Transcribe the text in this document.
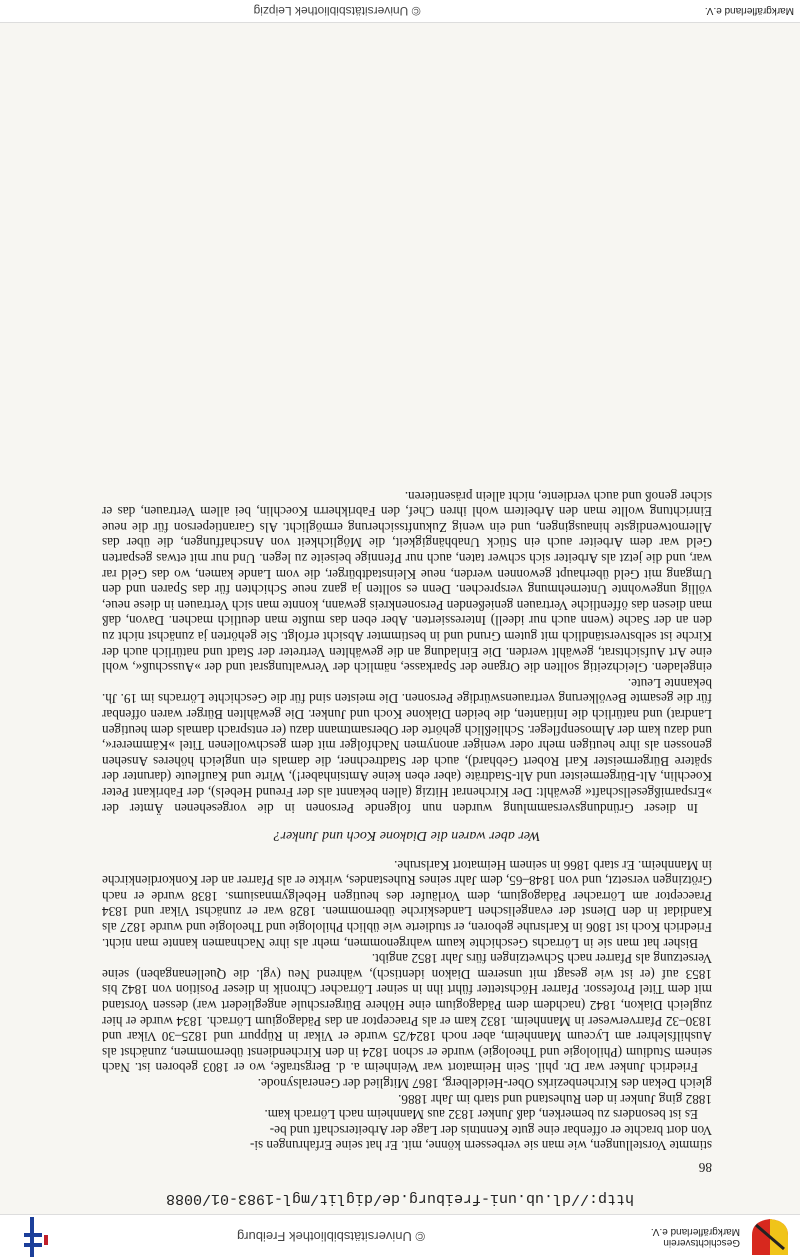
Geschichtsverein Markgräflerland e.V.
© Universitätsbibliothek Freiburg
http://dl.ub.uni-freiburg.de/diglit/mgl-1983-01/0088
86

stimmte Vorstellungen, wie man sie verbessern könne, mit. Er hat seine Erfahrungen si-

Von dort brachte er offenbar eine gute Kenntnis der Lage der Arbeiterschaft und be-

Es ist besonders zu bemerken, daß Junker 1832 aus Mannheim nach Lörrach kam.

1882 ging Junker in den Ruhestand und starb im Jahr 1886.

gleich Dekan des Kirchenbezirks Ober-Heidelberg, 1867 Mitglied der Generalsynode.

Friedrich Junker war Dr. phil. Sein Heimatort war Weinheim a. d. Bergstraße, wo er 1803 geboren ist. Nach seinem Studium (Philologie und Theologie) wurde er schon 1824 in den Kirchendienst übernommen, zunächst als Aushilfslehrer am Lyceum Mannheim, aber noch 1824/25 wurde er Vikar in Rüppurr und 1825–30 Vikar und 1830–32 Pfarrverweser in Mannheim. 1832 kam er als Praeceptor an das Pädagogium Lörrach. 1834 wurde er hier zugleich Diakon, 1842 (nachdem dem Pädagogium eine Höhere Bürgerschule angegliedert war) dessen Vorstand mit dem Titel Professor. Pfarrer Höchstetter führt ihn in seiner Lörracher Chronik in dieser Position von 1842 bis 1853 auf (er ist wie gesagt mit unserem Diakon identisch), während Neu (vgl. die Quellenangaben) seine Versetzung als Pfarrer nach Schwetzingen fürs Jahr 1852 angibt.

Bisher hat man sie in Lörrachs Geschichte kaum wahrgenommen, mehr als ihre Nachnamen kannte man nicht. Friedrich Koch ist 1806 in Karlsruhe geboren, er studierte wie üblich Philologie und Theologie und wurde 1827 als Kandidat in den Dienst der evangelischen Landeskirche übernommen. 1828 war er zunächst Vikar und 1834 Praeceptor am Lörracher Pädagogium, dem Vorläufer des heutigen Hebelgymnasiums. 1838 wurde er nach Grötzingen versetzt, und von 1848–65, dem Jahr seines Ruhestandes, wirkte er als Pfarrer an der Konkordienkirche in Mannheim. Er starb 1866 in seinem Heimatort Karlsruhe.

Wer aber waren die Diakone Koch und Junker?

In dieser Gründungsversammlung wurden nun folgende Personen in die vorgesehenen Ämter der »Ersparnißgesellschaft« gewählt: Der Kirchenrat Hitzig (allen bekannt als der Freund Hebels), der Fabrikant Peter Koechlin, Alt-Bürgermeister und Alt-Stadträte (aber eben keine Amtsinhaber!), Wirte und Kaufleute (darunter der spätere Bürgermeister Karl Robert Gebhard), auch der Stadtrechner, die damals ein ungleich höheres Ansehen genossen als ihre heutigen mehr oder weniger anonymen Nachfolger mit dem geschwollenen Titel »Kämmerer«, und dazu kam der Almosenpfleger. Schließlich gehörte der Obersamtmann dazu (er entsprach damals dem heutigen Landrat) und natürlich die Initianten, die beiden Diakone Koch und Junker. Die gewählten Bürger waren offenbar für die gesamte Bevölkerung vertrauenswürdige Personen. Die meisten sind für die Geschichte Lörrachs im 19. Jh. bekannte Leute.

eingeladen. Gleichzeitig sollten die Organe der Sparkasse, nämlich der Verwaltungsrat und der »Ausschuß«, wohl eine Art Aufsichtsrat, gewählt werden. Die Einladung an die gewählten Vertreter der Stadt und natürlich auch der Kirche ist selbstverständlich mit gutem Grund und in bestimmter Absicht erfolgt. Sie gehörten ja zunächst nicht zu den an der Sache (wenn auch nur ideell) Interessierten. Aber eben das mußte man deutlich machen. Davon, daß man diesen das öffentliche Vertrauen genießenden Personenkreis gewann, konnte man sich Vertrauen in diese neue, völlig ungewohnte Unternehmung versprechen. Denn es sollten ja ganz neue Schichten für das Sparen und den Umgang mit Geld überhaupt gewonnen werden, neue Kleinstadtbürger, die vom Lande kamen, wo das Geld rar war, und die jetzt als Arbeiter sich schwer taten, auch nur Pfennige beiseite zu legen. Und nur mit etwas gesparten Geld war dem Arbeiter auch ein Stück Unabhängigkeit, die Möglichkeit von Anschaffungen, die über das Allernotwendigste hinausgingen, und ein wenig Zukunftssicherung ermöglicht. Als Garantieperson für die neue Einrichtung wollte man den Arbeitern wohl ihren Chef, den Fabrikherrn Koechlin, bei allem Vertrauen, das er sicher genoß und auch verdiente, nicht allein präsentieren.

Markgräflerland e.V.
© Universitätsbibliothek Leipzig
